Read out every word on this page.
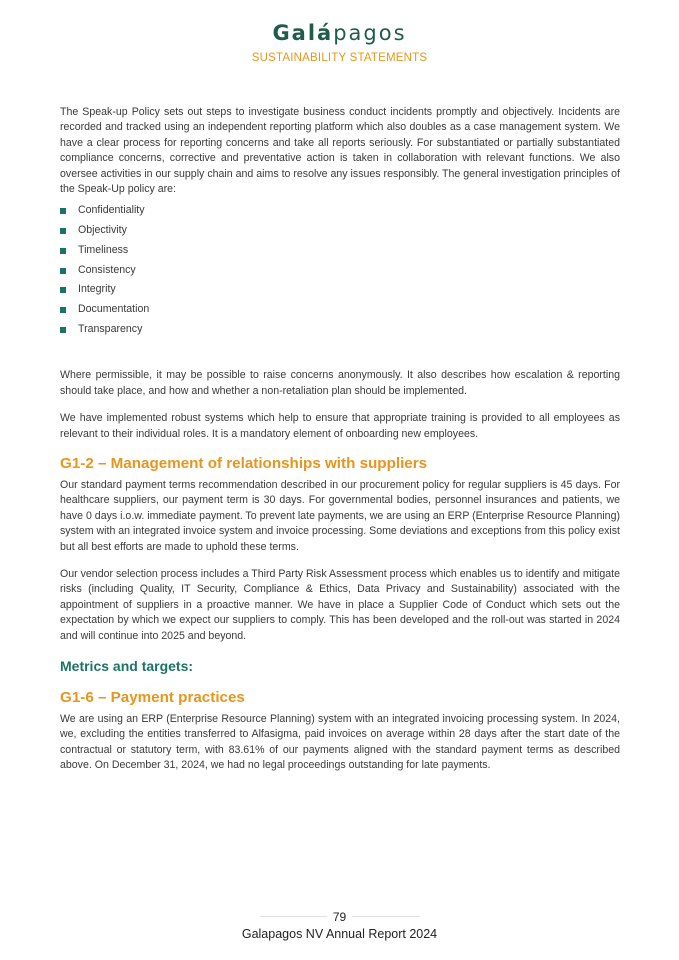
Galápagos
SUSTAINABILITY STATEMENTS

The Speak-up Policy sets out steps to investigate business conduct incidents promptly and objectively. Incidents are recorded and tracked using an independent reporting platform which also doubles as a case management system. We have a clear process for reporting concerns and take all reports seriously. For substantiated or partially substantiated compliance concerns, corrective and preventative action is taken in collaboration with relevant functions. We also oversee activities in our supply chain and aims to resolve any issues responsibly. The general investigation principles of the Speak-Up policy are:

Confidentiality
Objectivity
Timeliness
Consistency
Integrity
Documentation
Transparency

Where permissible, it may be possible to raise concerns anonymously. It also describes how escalation & reporting should take place, and how and whether a non-retaliation plan should be implemented.

We have implemented robust systems which help to ensure that appropriate training is provided to all employees as relevant to their individual roles. It is a mandatory element of onboarding new employees.

G1-2 – Management of relationships with suppliers

Our standard payment terms recommendation described in our procurement policy for regular suppliers is 45 days. For healthcare suppliers, our payment term is 30 days. For governmental bodies, personnel insurances and patients, we have 0 days i.o.w. immediate payment. To prevent late payments, we are using an ERP (Enterprise Resource Planning) system with an integrated invoice system and invoice processing. Some deviations and exceptions from this policy exist but all best efforts are made to uphold these terms.

Our vendor selection process includes a Third Party Risk Assessment process which enables us to identify and mitigate risks (including Quality, IT Security, Compliance & Ethics, Data Privacy and Sustainability) associated with the appointment of suppliers in a proactive manner. We have in place a Supplier Code of Conduct which sets out the expectation by which we expect our suppliers to comply. This has been developed and the roll-out was started in 2024 and will continue into 2025 and beyond.

Metrics and targets:
G1-6 – Payment practices

We are using an ERP (Enterprise Resource Planning) system with an integrated invoicing processing system. In 2024, we, excluding the entities transferred to Alfasigma, paid invoices on average within 28 days after the start date of the contractual or statutory term, with 83.61% of our payments aligned with the standard payment terms as described above. On December 31, 2024, we had no legal proceedings outstanding for late payments.

79
Galapagos NV Annual Report 2024
